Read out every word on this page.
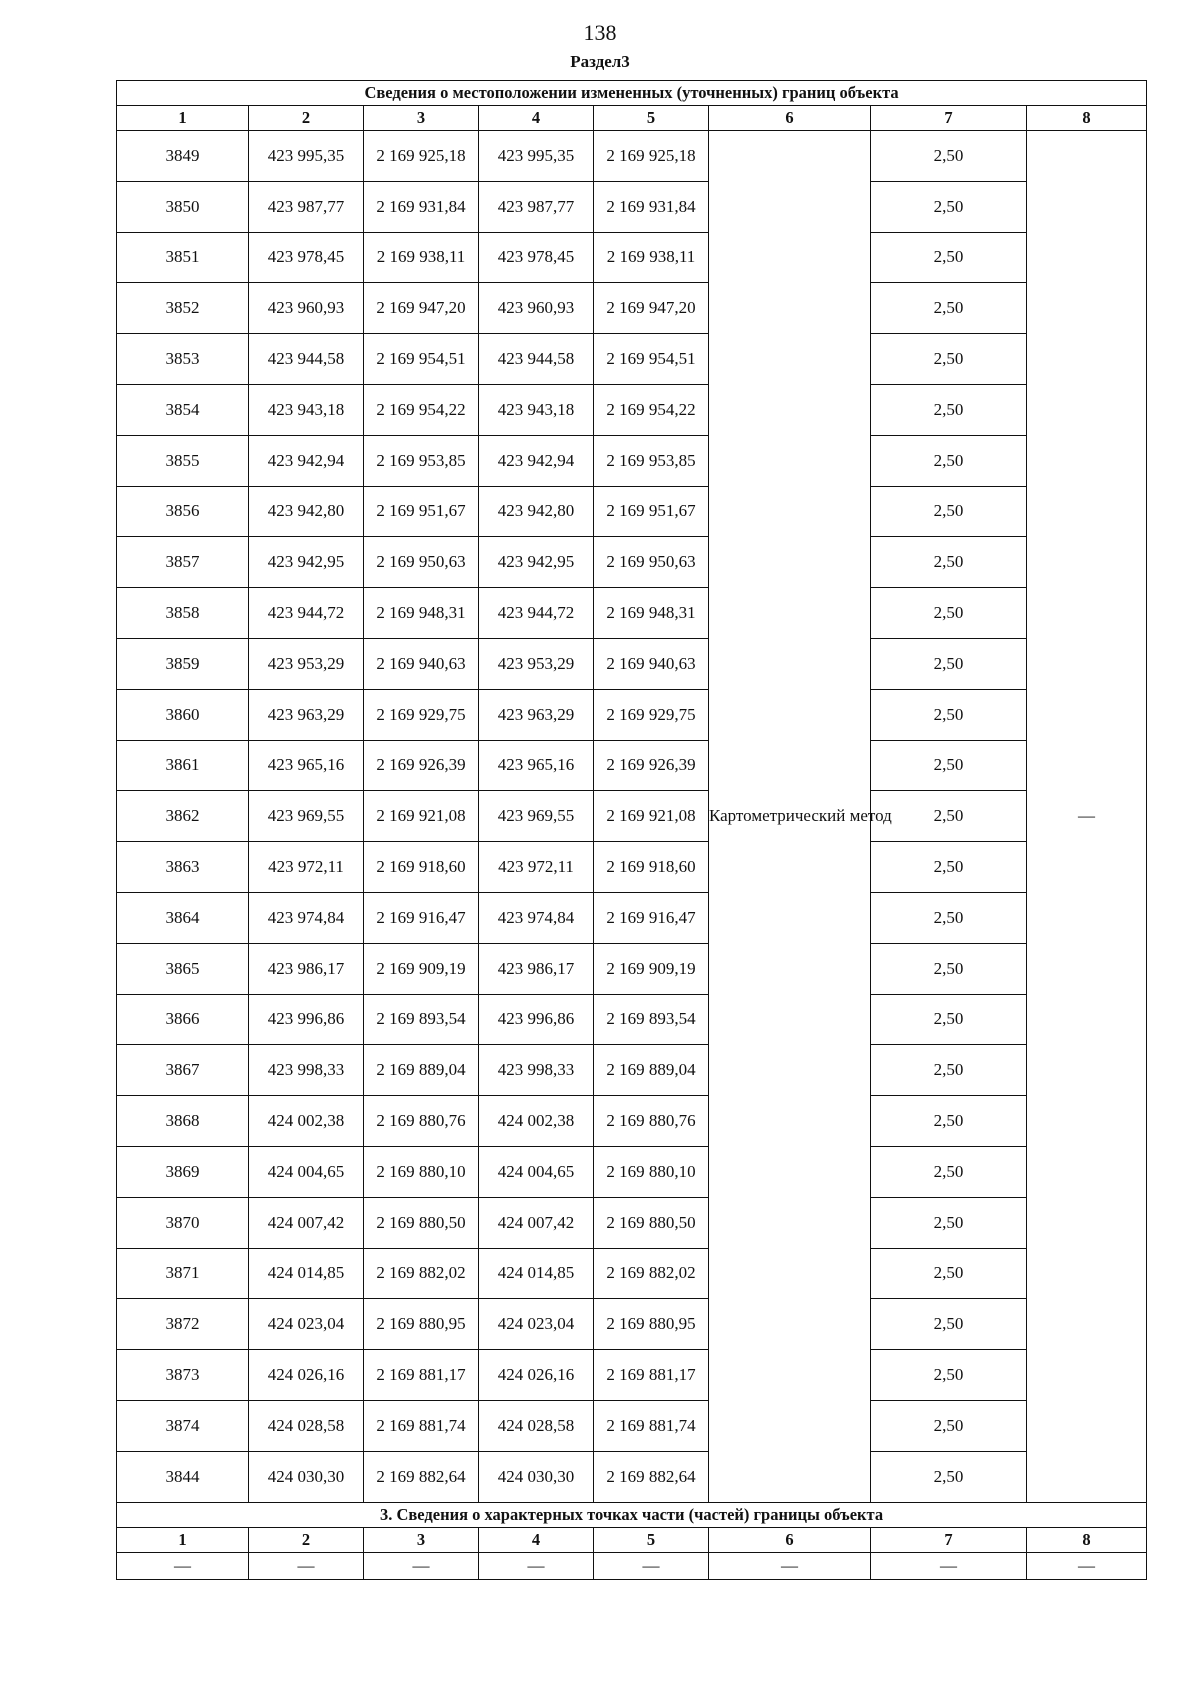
138
Раздел3
Сведения о местоположении измененных (уточненных) границ объекта							
1	2	3	4	5	6	7	8
3849	423 995,35	2 169 925,18	423 995,35	2 169 925,18	Картометрический метод	2,50	—
3850	423 987,77	2 169 931,84	423 987,77	2 169 931,84		2,50	
3851	423 978,45	2 169 938,11	423 978,45	2 169 938,11		2,50	
3852	423 960,93	2 169 947,20	423 960,93	2 169 947,20		2,50	
3853	423 944,58	2 169 954,51	423 944,58	2 169 954,51		2,50	
3854	423 943,18	2 169 954,22	423 943,18	2 169 954,22		2,50	
3855	423 942,94	2 169 953,85	423 942,94	2 169 953,85		2,50	
3856	423 942,80	2 169 951,67	423 942,80	2 169 951,67		2,50	
3857	423 942,95	2 169 950,63	423 942,95	2 169 950,63		2,50	
3858	423 944,72	2 169 948,31	423 944,72	2 169 948,31		2,50	
3859	423 953,29	2 169 940,63	423 953,29	2 169 940,63		2,50	
3860	423 963,29	2 169 929,75	423 963,29	2 169 929,75		2,50	
3861	423 965,16	2 169 926,39	423 965,16	2 169 926,39		2,50	
3862	423 969,55	2 169 921,08	423 969,55	2 169 921,08		2,50	
3863	423 972,11	2 169 918,60	423 972,11	2 169 918,60		2,50	
3864	423 974,84	2 169 916,47	423 974,84	2 169 916,47		2,50	
3865	423 986,17	2 169 909,19	423 986,17	2 169 909,19		2,50	
3866	423 996,86	2 169 893,54	423 996,86	2 169 893,54		2,50	
3867	423 998,33	2 169 889,04	423 998,33	2 169 889,04		2,50	
3868	424 002,38	2 169 880,76	424 002,38	2 169 880,76		2,50	
3869	424 004,65	2 169 880,10	424 004,65	2 169 880,10		2,50	
3870	424 007,42	2 169 880,50	424 007,42	2 169 880,50		2,50	
3871	424 014,85	2 169 882,02	424 014,85	2 169 882,02		2,50	
3872	424 023,04	2 169 880,95	424 023,04	2 169 880,95		2,50	
3873	424 026,16	2 169 881,17	424 026,16	2 169 881,17		2,50	
3874	424 028,58	2 169 881,74	424 028,58	2 169 881,74		2,50	
3844	424 030,30	2 169 882,64	424 030,30	2 169 882,64		2,50	
3. Сведения о характерных точках части (частей) границы объекта							
1	2	3	4	5	6	7	8
—	—	—	—	—	—	—	—
